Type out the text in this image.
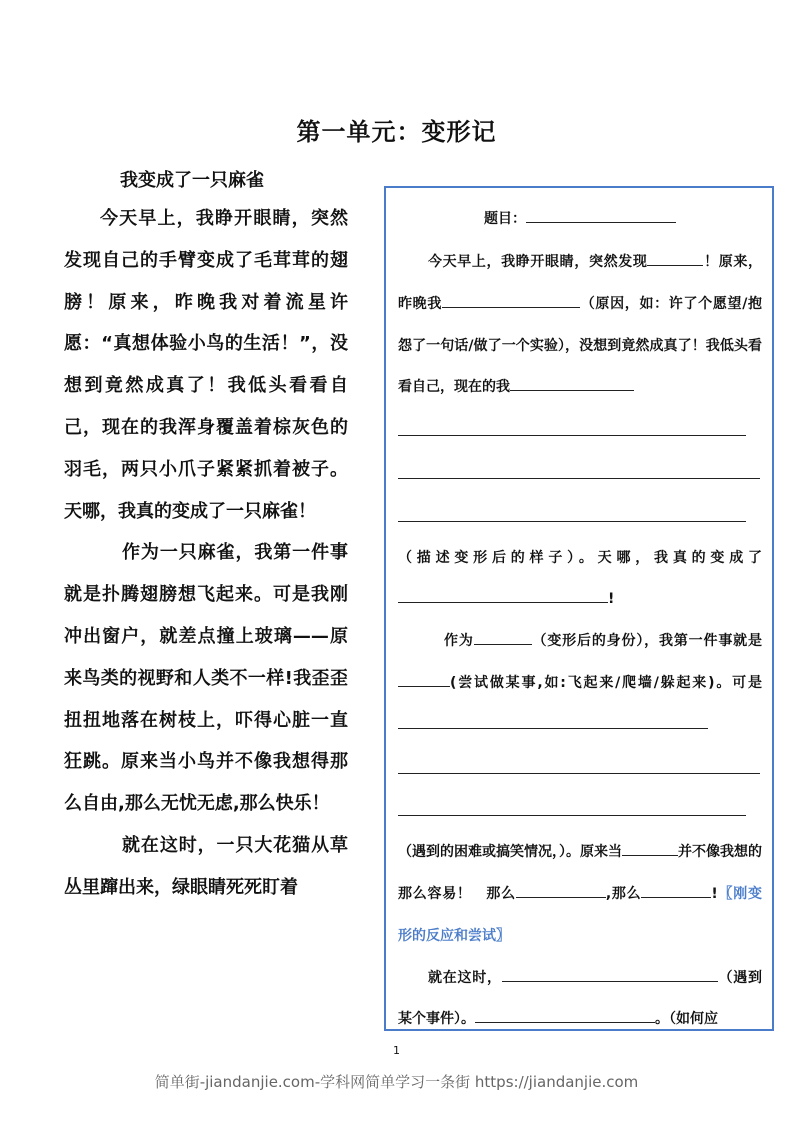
第一单元：变形记
我变成了一只麻雀

今天早上，我睁开眼睛，突然发现自己的手臂变成了毛茸茸的翅膀！原来，昨晚我对着流星许愿：“真想体验小鸟的生活！”，没想到竟然成真了！我低头看看自己，现在的我浑身覆盖着棕灰色的羽毛，两只小爪子紧紧抓着被子。天哪，我真的变成了一只麻雀！

作为一只麻雀，我第一件事就是扑腾翅膀想飞起来。可是我刚冲出窗户，就差点撞上玻璃——原来鸟类的视野和人类不一样!我歪歪扭扭地落在树枝上，吓得心脏一直狂跳。原来当小鸟并不像我想得那么自由,那么无忧无虑,那么快乐！

就在这时，一只大花猫从草丛里蹿出来，绿眼睛死死盯着

题目：

今天早上，我睁开眼睛，突然发现	！原来，昨晚我	（原因，如：许了个愿望/抱怨了一句话/做了一个实验），没想到竟然成真了！我低头看看自己，现在的我

（描述变形后的样子）。天哪，我真的变成了!

作为	（变形后的身份），我第一件事就是(尝试做某事,如:飞起来/爬墙/躲起来)。可是

（遇到的困难或搞笑情况，）。原来当	并不像我想的那么容易！　那么	,那么	!〖刚变形的反应和尝试〗

就在这时，	（遇到某个事件）。	。（如何应

1
简单街-jiandanjie.com-学科网简单学习一条街 https://jiandanjie.com
